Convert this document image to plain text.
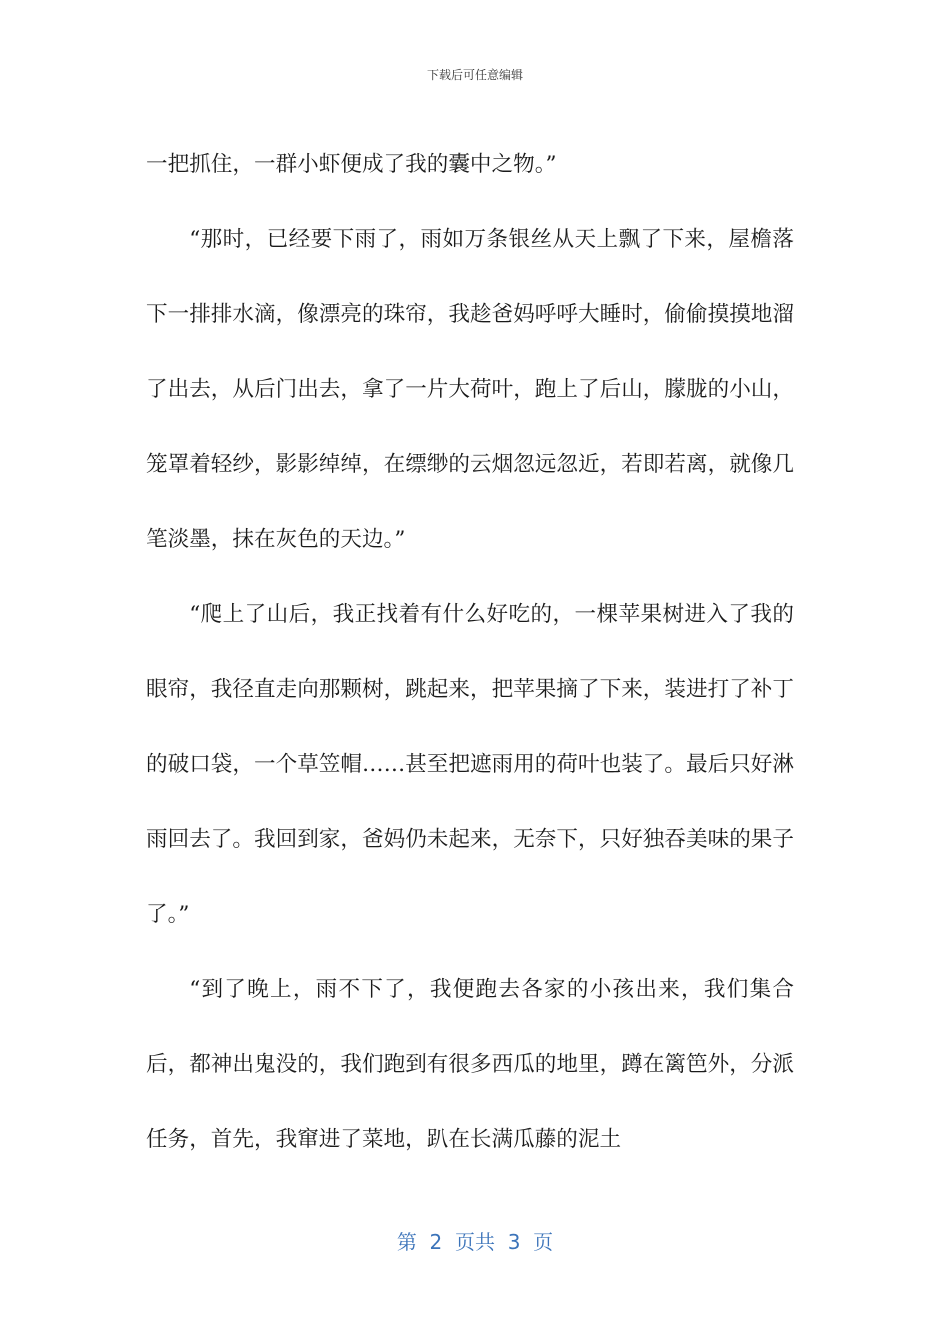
下载后可任意编辑

一把抓住，一群小虾便成了我的囊中之物。”

“那时，已经要下雨了，雨如万条银丝从天上飘了下来，屋檐落下一排排水滴，像漂亮的珠帘，我趁爸妈呼呼大睡时，偷偷摸摸地溜了出去，从后门出去，拿了一片大荷叶，跑上了后山，朦胧的小山，笼罩着轻纱，影影绰绰，在缥缈的云烟忽远忽近，若即若离，就像几笔淡墨，抹在灰色的天边。”

“爬上了山后，我正找着有什么好吃的，一棵苹果树进入了我的眼帘，我径直走向那颗树，跳起来，把苹果摘了下来，装进打了补丁的破口袋，一个草笠帽……甚至把遮雨用的荷叶也装了。最后只好淋雨回去了。我回到家，爸妈仍未起来，无奈下，只好独吞美味的果子了。”

“到了晚上，雨不下了，我便跑去各家的小孩出来，我们集合后，都神出鬼没的，我们跑到有很多西瓜的地里，蹲在篱笆外，分派任务，首先，我窜进了菜地，趴在长满瓜藤的泥土

第  2  页共  3  页
